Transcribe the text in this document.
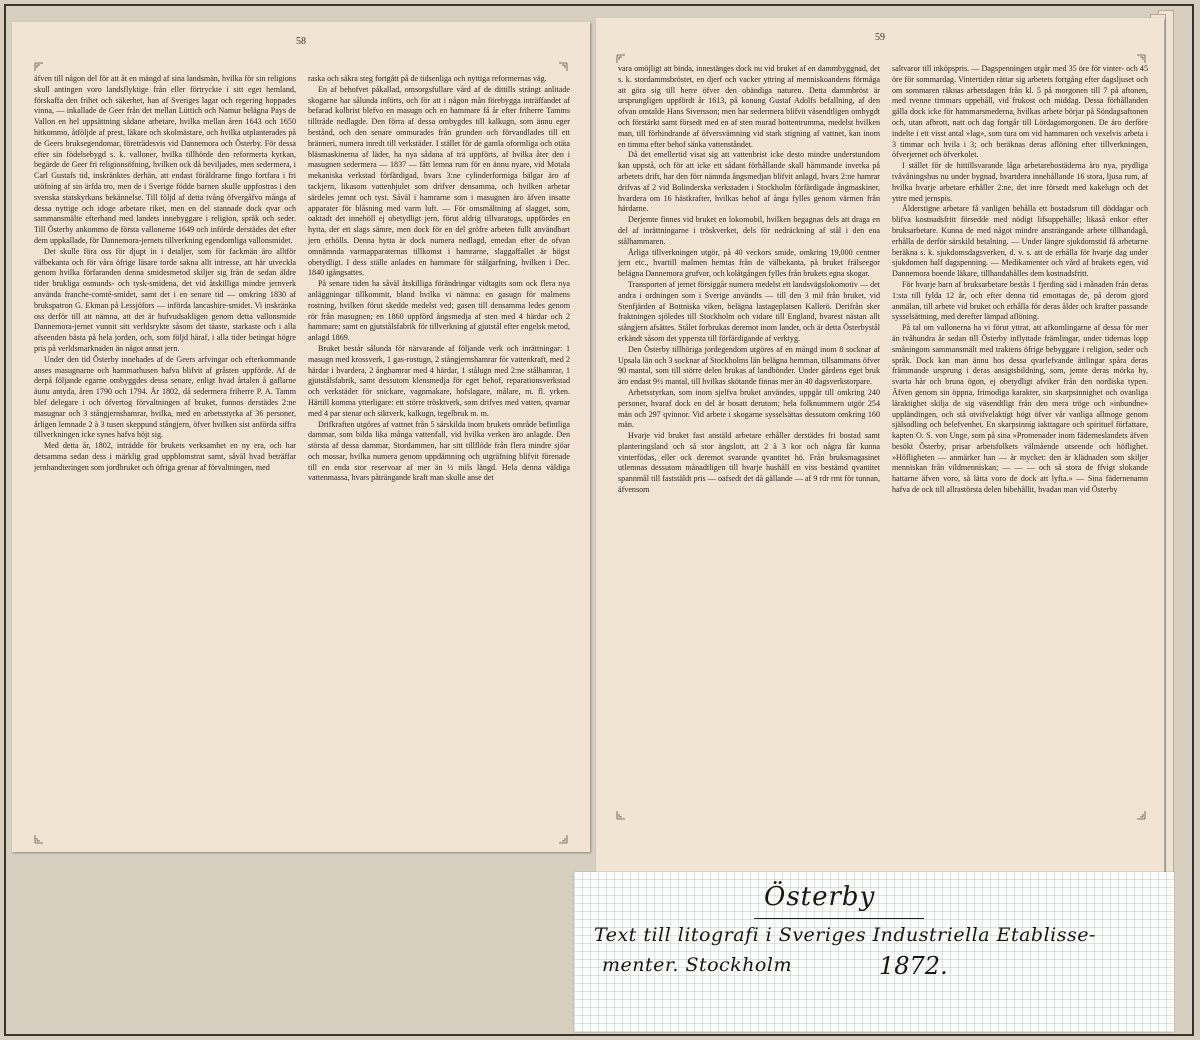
58

äfven till någon del för att åt en mängd af sina landsmän, hvilka för sin religions skull antingen voro landsflyktige från eller förtryckte i sitt eget hemland, förskaffa den frihet och säkerhet, han af Sveriges lagar och regering hoppades vinna, — inkallade de Geer från det mellan Lüttich och Namur belägna Pays de Vallon en hel uppsättning sådane arbetare, hvilka mellan åren 1643 och 1650 hitkommo, åtföljde af prest, läkare och skolmästare, och hvilka utplanterades på de Geers bruksegendomar, företrädesvis vid Dannemora och Österby. För dessa efter sin födelsebygd s. k. valloner, hvilka tillhörde den reformerta kyrkan, begärde de Geer fri religionsöfning, hvilken ock då beviljades, men sedermera, i Carl Gustafs tid, inskränktes derhän, att endast föräldrarne fingo fortfara i fri utöfning af sin ärfda tro, men de i Sverige födde barnen skulle uppfostras i den svenska statskyrkans bekännelse. Till följd af detta tvång öfvergåfvo många af dessa nyttige och idoge arbetare riket, men en del stannade dock qvar och sammansmälte efterhand med landets innebyggare i religion, språk och seder. Till Österby ankommo de första vallonerne 1649 och införde derstädes det efter dem uppkallade, för Dannemora-jernets tillverkning egendomliga vallonsmidet.

Det skulle föra oss för djupt in i detaljer, som för fackmän äro alltför välbekanta och för våra öfrige läsare torde sakna allt intresse, att här utveckla genom hvilka förfaranden denna smidesmetod skiljer sig från de sedan äldre tider brukliga osmunds- och tysk-smidena, det vid åtskilliga mindre jernverk använda franche-comté-smidet, samt det i en senare tid — omkring 1830 af brukspatron G. Ekman på Lessjöfors — införda lancashire-smidet. Vi inskränka oss derför till att nämna, att det är hufvudsakligen genom detta vallonsmide Dannemora-jernet vunnit sitt verldsrykte såsom det täaste, starkaste och i alla afseenden bästa på hela jorden, och, som följd häraf, i alla tider betingat högre pris på verldsmarknaden än något annat jern.

Under den tid Österby innehades af de Geers arfvingar och efterkommande anses masugnarne och hammarhusen hafva blifvit af gråsten uppförde. Af de derpå följande egarne ombyggdes dessa senare, enligt hvad årtalen å gaflarne äunu antyda, åren 1790 och 1794. År 1802, då sedermera friherre P. A. Tamm blef delegare i och öfvertog förvaltningen af bruket, funnos derstädes 2:ne masugnar och 3 stångjernshamrar, hvilka, med en arbetsstyrka af 36 personer, årligen lemnade 2 à 3 tusen skeppund stångjern, öfver hvilken sist anförda siffra tillverkningen icke synes hafva höjt sig.

Med detta år, 1802, inträdde för brukets verksamhet en ny era, och har detsamma sedan dess i märklig grad uppblomstrat samt, såväl hvad beträffar jernhandteringen som jordbruket och öfriga grenar af förvaltningen, med

raska och säkra steg fortgått på de tidsenliga och nyttiga reformernas väg.

En af behofvet påkallad, omsorgsfullare vård af de dittills strängt anlitade skogarne har sålunda införts, och för att i någon mån förebygga inträffandet af befarad kolbrist blefvo en masugn och en hammare få år efter friherre Tamms tillträde nedlagde. Den förra af dessa ombygdes till kalkugn, som ännu eger bestånd, och den senare ommurades från grunden och förvandlades till ett bränneri, numera inredt till verkstäder. I stället för de gamla oformliga och otäta bläsmaskinerna af läder, ha nya sådana af trä uppförts, af hvilka åter den i masugnen sedermera — 1837 — fått lemna rum för en ännu nyare, vid Motala mekaniska verkstad förfärdigad, hvars 3:ne cylinderformiga bälgar äro af tackjern, likasom vattenhjulet som drifver densamma, och hvilken arbetar särdeles jemnt och tyst. Såväl i hamrarne som i masugnen äro äfven insatte apparater för blåsning med varm luft. — För omsmältning af slagget, som, oaktadt det innehöll ej obetydligt jern, förut aldrig tillvaratogs, uppfördes en hytta, der ett slags sämre, men dock för en del gröfre arbeten fullt användbart jern erhölls. Denna hytta är dock numera nedlagd, emedan efter de ofvan omnämnda varmapparaternas tillkomst i hamrarne, slaggaffallet är högst obetydligt. I dess ställe anlades en hammare för stålgarfning, hvilken i Dec. 1840 igångsattes.

På senare tiden ha såväl åtskilliga förändringar vidtagits som ock flera nya anläggningar tillkommit, bland hvilka vi nämna: en gasugn för malmens rostning, hvilken förut skedde medelst ved; gasen till densamma ledes genom rör från masugnen; en 1860 uppförd ångsmedja af sten med 4 härdar och 2 hammare; samt en gjutstålsfabrik för tillverkning af gjutstål efter engelsk metod, anlagd 1869.

Bruket består sålunda för närvarande af följande verk och inrättningar: 1 masugn med krossverk, 1 gas-rostugn, 2 stångjernshamrar för vattenkraft, med 2 härdar i hvardera, 2 ånghamrar med 4 härdar, 1 stålugn med 2:ne stålhamrar, 1 gjutstålsfabrik, samt dessutom klensmedja för eget behof, reparationsverkstad och verkstäder för snickare, vagnmakare, hofslagare, målare, m. fl. yrken. Härtill komma ytterligare: ett större trösktverk, som drifves med vatten, qvarnar med 4 par stenar och siktverk, kalkugn, tegelbruk m. m.

Drifkraften utgöres af vattnet från 5 särskilda inom brukets område befintliga dammar, som bilda lika många vattenfall, vid hvilka verken äro anlagde. Den största af dessa dammar, Stordammen, har sitt tillflöde från flera mindre sjöar och mossar, hvilka numera genom uppdämning och utgräfning blifvit förenade till en enda stor reservoar af mer än ½ mils längd. Hela denna väldiga vattenmassa, hvars påträngande kraft man skulle anse det

59

vara omöjligt att binda, innestänges dock nu vid bruket af en dammbyggnad, det s. k. stordammsbröstet, en djerf och vacker yttring af menniskoandens förmåga att göra sig till herre öfver den obändiga naturen. Detta dammbröst är ursprungligen uppfördt år 1613, på konung Gustaf Adolfs befallning, af den ofvan omtalde Hans Siversson; men har sedermera blifvit väsendtligen ombygdt och förstärkt samt försedt med en af sten murad bottentrumma, medelst hvilken man, till förhindrande af öfversvämning vid stark stigning af vattnet, kan inom en timma efter behof sänka vattenståndet.

Då det emellertid visat sig att vattenbrist icke desto mindre understundom kan uppstå, och för att icke ett sådant förhållande skall hämmande inverka på arbetets drift, har den förr nämnda ångsmedjan blifvit anlagd, hvars 2:ne hamrar drifvas af 2 vid Bolinderska verkstaden i Stockholm förfärdigade ångmaskiner, hvardera om 16 hästkrafter, hvilkas behof af ånga fylles genom värmen från härdarne.

Derjemte finnes vid bruket en lokomobil, hvilken begagnas dels att draga en del af inrättningarne i tröskverket, dels för nedräckning af stål i den ena stålhammaren.

Årliga tillverkningen utgör, på 40 veckors smide, omkring 19,000 centner jern etc., hvartill malmen hemtas från de välbekanta, på bruket frälseegor belägna Dannemora grufvor, och kolåtgången fylles från brukets egna skogar.

Transporten af jernet försiggår numera medelst ett landsvägslokomotiv — det andra i ordningen som i Sverige användts — till den 3 mil från bruket, vid Stenfjärden af Bottniska viken, belägna lastageplatsen Kallerö. Derifrån sker fraktningen sjöledes till Stockholm och vidare till England, hvarest nästan allt stångjern afsättes. Stålet forbrukas deremot inom landet, och är detta Österbystål erkändt såsom det yppersta till förfärdigande af verktyg.

Den Österby tillhöriga jordegendom utgöres af en mängd inom 8 socknar af Upsala län och 3 socknar af Stockholms län belägna hemman, tillsammans öfver 90 mantal, som till större delen brukas af landbönder. Under gårdens eget bruk äro endast 9½ mantal, till hvilkas skötande finnas mer än 40 dagsverkstorpare.

Arbetsstyrkan, som inom sjelfva bruket användes, uppgår till omkring 240 personer, hvaraf dock en del är bosatt derutom; hela folknummern utgör 254 män och 297 qvinnor. Vid arbete i skogarne sysselsättas dessutom omkring 160 män.

Hvarje vid bruket fast anstäld arbetare erhåller derstädes fri bostad samt planteringsland och så stor ängslott, att 2 à 3 kor och några får kunna vinterfödas, eller ock deremot svarande qvantitet hö. Från bruksmagasinet utlemnas dessutom månadtligen till hvarje hushåll en viss bestämd qvantitet spannmål till faststäldt pris — oafsedt det då gällande — af 9 rdr rmt för tunnan, äfvensom

saltvaror till inköpspris. — Dagspenningen utgår med 35 öre för vinter- och 45 öre för sommardag. Vintertiden rättar sig arbetets fortgång efter dagsljuset och om sommaren räknas arbetsdagen från kl. 5 på morgonen till 7 på aftonen, med tvenne timmars uppehåll, vid frukost och middag. Dessa förhållanden gälla dock icke för hammarsmederna, hvilkas arbete börjar på Söndagsaftonen och, utan afbrott, natt och dag fortgår till Lördagsmorgonen. De äro derföre indelte i ett visst antal »lag», som tura om vid hammaren och vexelvis arbeta i 3 timmar och hvila i 3; och beräknas deras aflöning efter tillverkningen, öfverjernet och öfverkolet.

I stället för de hittillsvarande låga arbetarebostäderna äro nya, prydliga tvåvåningshus nu under bygnad, hvartdera innehållande 16 stora, ljusa rum, af hvilka hvarje arbetare erhåller 2:ne, det inre försedt med kakelugn och det yttre med jernspis.

Ålderstigne arbetare få vanligen behålla ett bostadsrum till döddagar och blifva kostnadsfritt försedde med nödigt lifsuppehälle; likaså enkor efter bruksarbetare. Kunna de med något mindre ansträngande arbete tillhandagå, erhålla de derför särskild betalning. — Under längre sjukdomstid få arbetarne beräkna s. k. sjukdomsdagsverken, d. v. s. att de erhålla för hvarje dag under sjukdomen half dagspenning. — Medikamenter och vård af brukets egen, vid Dannemora boende läkare, tillhandahålles dem kostnadsfritt.

För hvarje barn af bruksarbetare bestås 1 fjerding säd i månaden från deras 1:sta till fylda 12 år, och efter denna tid emottagas de, på derom gjord anmälan, till arbete vid bruket och erhålla för deras ålder och krafter passande sysselsättning, med derefter lämpad aflöning.

På tal om vallonerna ha vi förut yttrat, att afkomlingarne af dessa för mer än tvåhundra år sedan till Österby inflyttade främlingar, under tidernas lopp småningom sammansmält med traktens öfrige bebyggare i religion, seder och språk. Dock kan man ännu hos dessa qvarlefvande ättlingar spåra deras främmande ursprung i deras ansigtsbildning, som, jemte deras mörka hy, svarta hår och bruna ögon, ej obetydligt afviker från den nordiska typen. Äfven genom sin öppna, frimodiga karakter, sin skarpsinnighet och ovanliga läraktighet skilja de sig väsendtligt från den mera tröge och »inbundne» uppländingen, och stå otvifvelaktigt högt öfver vår vanliga allmoge genom själsodling och belefvenhet. En skarpsinnig iakttagare och spirituel författare, kapten O. S. von Unge, som på sina »Promenader inom fäderneslandets äfven besökt Österby, prisar arbetsfolkets välmående utseende och höflighet. »Höfligheten — anmärker han — är mycket: den är klädnaden som skiljer menniskan från vildmenniskan; — — — och så stora de ffvigt slokande hattarne äfven voro, så lätta voro de dock att lyfta.» — Sina fädernenamn hafva de ock till allrastörsta delen bibehållit, hvadan man vid Österby

Österby
Text till litografi i Sveriges Industriella Etablisse-
menter. Stockholm	1872.
